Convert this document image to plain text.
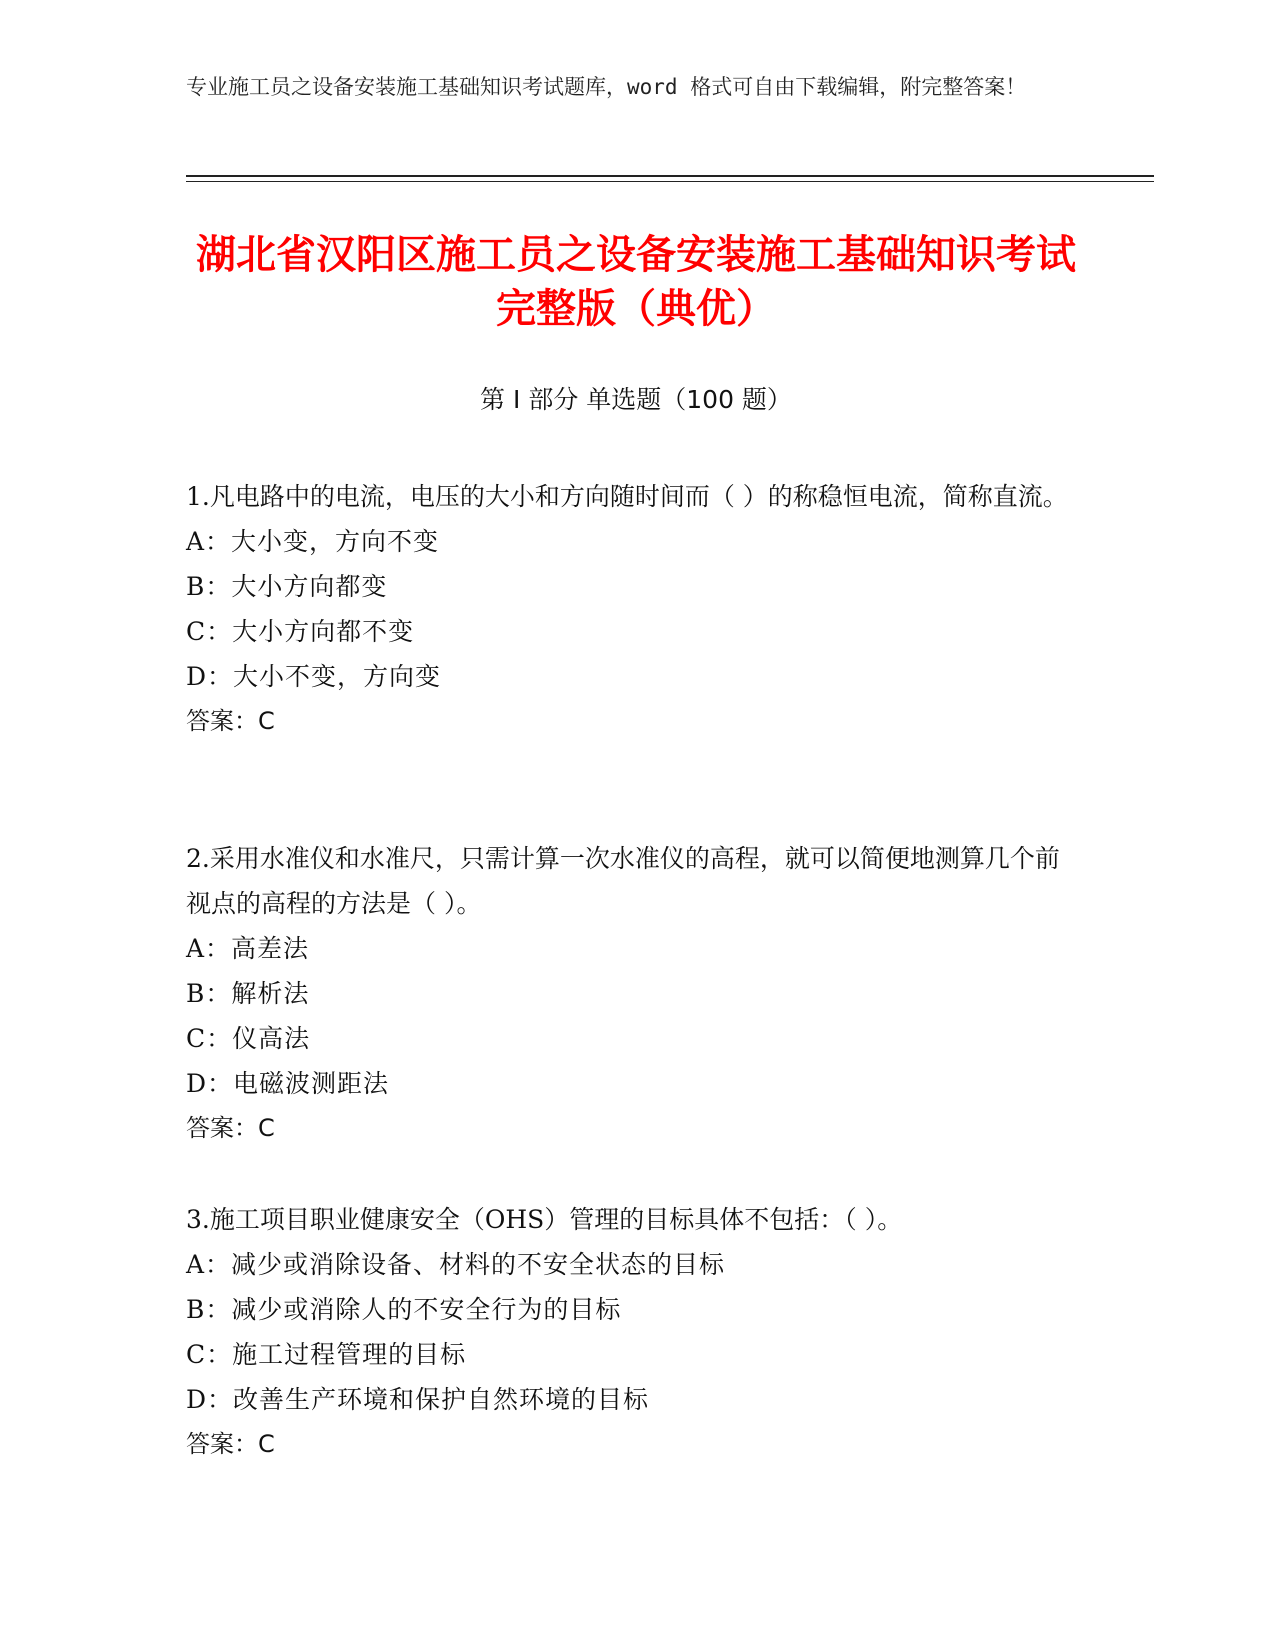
专业施工员之设备安装施工基础知识考试题库，word 格式可自由下载编辑，附完整答案！
湖北省汉阳区施工员之设备安装施工基础知识考试完整版（典优）
第 I 部分 单选题（100 题）

1.凡电路中的电流，电压的大小和方向随时间而（ ）的称稳恒电流，简称直流。

A：大小变，方向不变

B：大小方向都变

C：大小方向都不变

D：大小不变，方向变

答案：C

2.采用水准仪和水准尺，只需计算一次水准仪的高程，就可以简便地测算几个前视点的高程的方法是（ ）。

A：高差法

B：解析法

C：仪高法

D：电磁波测距法

答案：C

3.施工项目职业健康安全（OHS）管理的目标具体不包括：（ ）。

A：减少或消除设备、材料的不安全状态的目标

B：减少或消除人的不安全行为的目标

C：施工过程管理的目标

D：改善生产环境和保护自然环境的目标

答案：C
